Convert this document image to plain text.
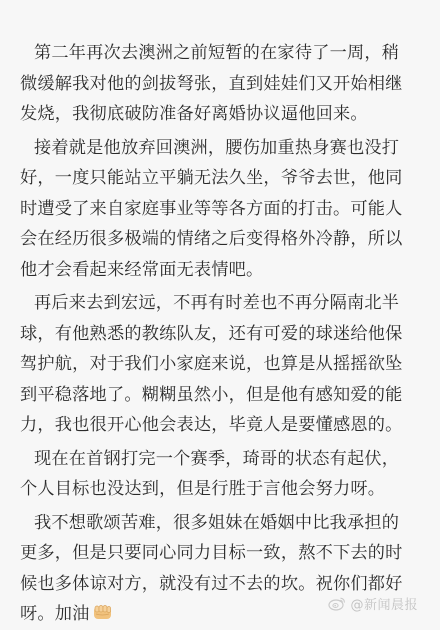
第二年再次去澳洲之前短暂的在家待了一周，稍
微缓解我对他的剑拔弩张，直到娃娃们又开始相继
发烧，我彻底破防准备好离婚协议逼他回来。

接着就是他放弃回澳洲，腰伤加重热身赛也没打
好，一度只能站立平躺无法久坐，爷爷去世，他同
时遭受了来自家庭事业等等各方面的打击。可能人
会在经历很多极端的情绪之后变得格外冷静，所以
他才会看起来经常面无表情吧。

再后来去到宏远，不再有时差也不再分隔南北半
球，有他熟悉的教练队友，还有可爱的球迷给他保
驾护航，对于我们小家庭来说，也算是从摇摇欲坠
到平稳落地了。糊糊虽然小，但是他有感知爱的能
力，我也很开心他会表达，毕竟人是要懂感恩的。

现在在首钢打完一个赛季，琦哥的状态有起伏，
个人目标也没达到，但是行胜于言他会努力呀。

我不想歌颂苦难，很多姐妹在婚姻中比我承担的
更多，但是只要同心同力目标一致，熬不下去的时
候也多体谅对方，就没有过不去的坎。祝你们都好
呀。加油	@新闻晨报
